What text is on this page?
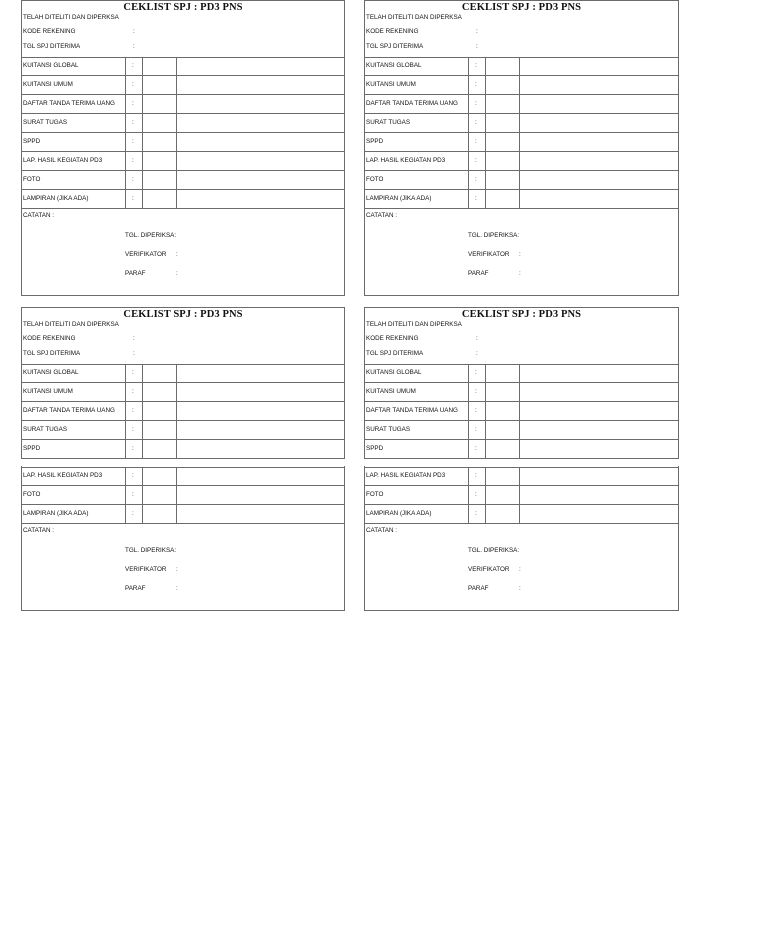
CEKLIST SPJ : PD3 PNS
TELAH DITELITI DAN DIPERKSA
KODE REKENING	:
TGL SPJ DITERIMA	:
KUITANSI GLOBAL	:
KUITANSI UMUM	:
DAFTAR TANDA TERIMA UANG	:
SURAT TUGAS	:
SPPD	:
LAP. HASIL KEGIATAN PD3	:
FOTO	:
LAMPIRAN (JIKA ADA)	:
CATATAN :
TGL. DIPERIKSA:
VERIFIKATOR :
PARAF	:
CEKLIST SPJ : PD3 PNS
TELAH DITELITI DAN DIPERKSA
KODE REKENING	:
TGL SPJ DITERIMA	:
KUITANSI GLOBAL	:
KUITANSI UMUM	:
DAFTAR TANDA TERIMA UANG	:
SURAT TUGAS	:
SPPD	:
LAP. HASIL KEGIATAN PD3	:
FOTO	:
LAMPIRAN (JIKA ADA)	:
CATATAN :
TGL. DIPERIKSA:
VERIFIKATOR :
PARAF	:
CEKLIST SPJ : PD3 PNS
TELAH DITELITI DAN DIPERKSA
KODE REKENING	:
TGL SPJ DITERIMA	:
KUITANSI GLOBAL	:
KUITANSI UMUM	:
DAFTAR TANDA TERIMA UANG	:
SURAT TUGAS	:
SPPD	:
LAP. HASIL KEGIATAN PD3	:
FOTO	:
LAMPIRAN (JIKA ADA)	:
CATATAN :
TGL. DIPERIKSA:
VERIFIKATOR :
PARAF	:
CEKLIST SPJ : PD3 PNS
TELAH DITELITI DAN DIPERKSA
KODE REKENING	:
TGL SPJ DITERIMA	:
KUITANSI GLOBAL	:
KUITANSI UMUM	:
DAFTAR TANDA TERIMA UANG	:
SURAT TUGAS	:
SPPD	:
LAP. HASIL KEGIATAN PD3	:
FOTO	:
LAMPIRAN (JIKA ADA)	:
CATATAN :
TGL. DIPERIKSA:
VERIFIKATOR :
PARAF	:
